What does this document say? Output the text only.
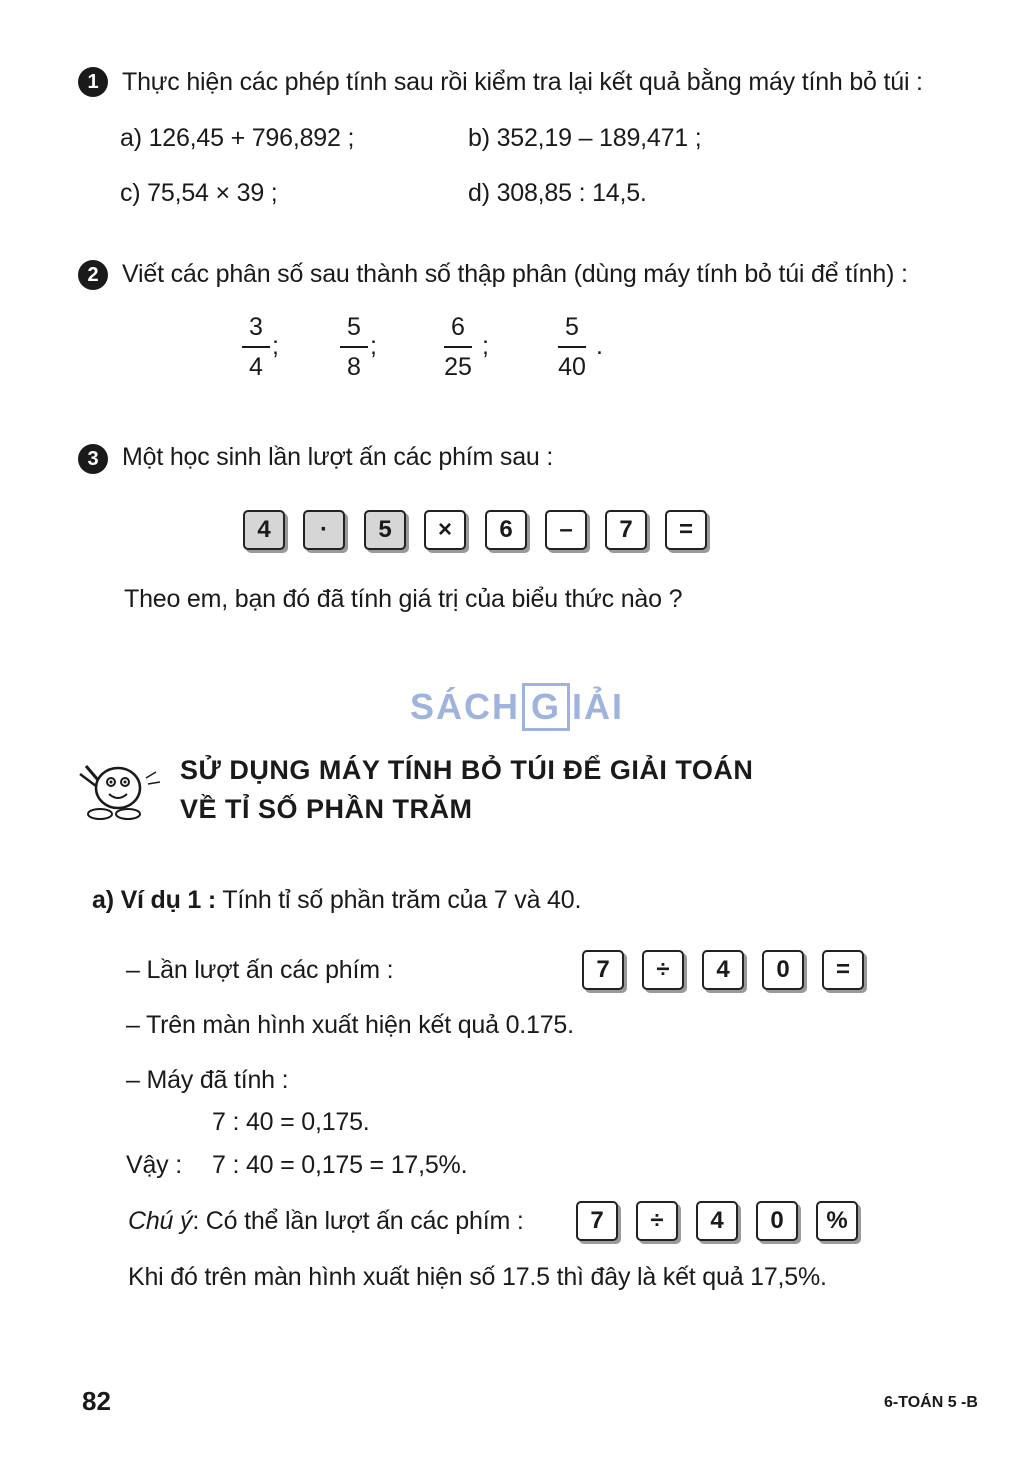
1 Thực hiện các phép tính sau rồi kiểm tra lại kết quả bằng máy tính bỏ túi :
a) 126,45 + 796,892 ;	b) 352,19 – 189,471 ;
c) 75,54 × 39 ;	d) 308,85 : 14,5.
2 Viết các phân số sau thành số thập phân (dùng máy tính bỏ túi để tính) :
3
4
;
5
8
;
6
25
;
5
40
.
3 Một học sinh lần lượt ấn các phím sau :
4	·	5	×	6	–	7	=
Theo em, bạn đó đã tính giá trị của biểu thức nào ?
SÁCH G IẢI
SỬ DỤNG MÁY TÍNH BỎ TÚI ĐỂ GIẢI TOÁN
VỀ TỈ SỐ PHẦN TRĂM
a) Ví dụ 1 : Tính tỉ số phần trăm của 7 và 40.
– Lần lượt ấn các phím :	7	÷	4	0	=
– Trên màn hình xuất hiện kết quả 0.175.
– Máy đã tính :
7 : 40 = 0,175.
Vậy : 7 : 40 = 0,175 = 17,5%.
Chú ý: Có thể lần lượt ấn các phím :	7	÷	4	0	%
Khi đó trên màn hình xuất hiện số 17.5 thì đây là kết quả 17,5%.
82	6-TOÁN 5 -B
